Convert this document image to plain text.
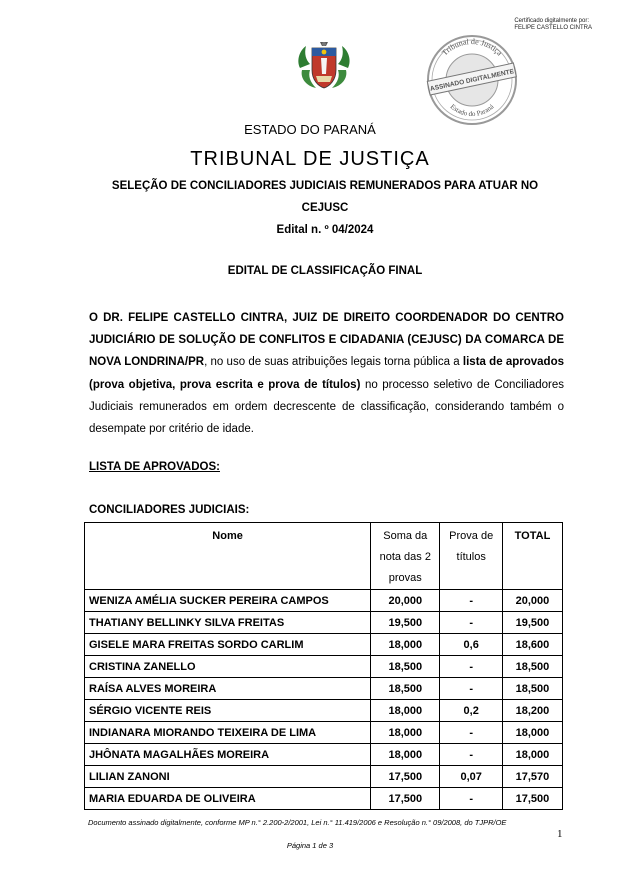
Certificado digitalmente por:
FELIPE CASTELLO CINTRA
Tribunal de Justiça
Estado do Paraná
ASSINADO DIGITALMENTE
ESTADO DO PARANÁ
TRIBUNAL DE JUSTIÇA
SELEÇÃO DE CONCILIADORES JUDICIAIS REMUNERADOS PARA ATUAR NO
CEJUSC
Edital n. º 04/2024
EDITAL DE CLASSIFICAÇÃO FINAL
O DR. FELIPE CASTELLO CINTRA, JUIZ DE DIREITO COORDENADOR DO CENTRO JUDICIÁRIO DE SOLUÇÃO DE CONFLITOS E CIDADANIA (CEJUSC) DA COMARCA DE NOVA LONDRINA/PR, no uso de suas atribuições legais torna pública a lista de aprovados (prova objetiva, prova escrita e prova de títulos) no processo seletivo de Conciliadores Judiciais remunerados em ordem decrescente de classificação, considerando também o desempate por critério de idade.
LISTA DE APROVADOS:
CONCILIADORES JUDICIAIS:
Nome	Soma da nota das 2 provas	Prova de títulos	TOTAL
WENIZA AMÉLIA SUCKER PEREIRA CAMPOS	20,000	-	20,000
THATIANY BELLINKY SILVA FREITAS	19,500	-	19,500
GISELE MARA FREITAS SORDO CARLIM	18,000	0,6	18,600
CRISTINA ZANELLO	18,500	-	18,500
RAÍSA ALVES MOREIRA	18,500	-	18,500
SÉRGIO VICENTE REIS	18,000	0,2	18,200
INDIANARA MIORANDO TEIXEIRA DE LIMA	18,000	-	18,000
JHÔNATA MAGALHÃES MOREIRA	18,000	-	18,000
LILIAN ZANONI	17,500	0,07	17,570
MARIA EDUARDA DE OLIVEIRA	17,500	-	17,500
Documento assinado digitalmente, conforme MP n.° 2.200-2/2001, Lei n.° 11.419/2006 e Resolução n.° 09/2008, do TJPR/OE
1
Página 1 de 3
